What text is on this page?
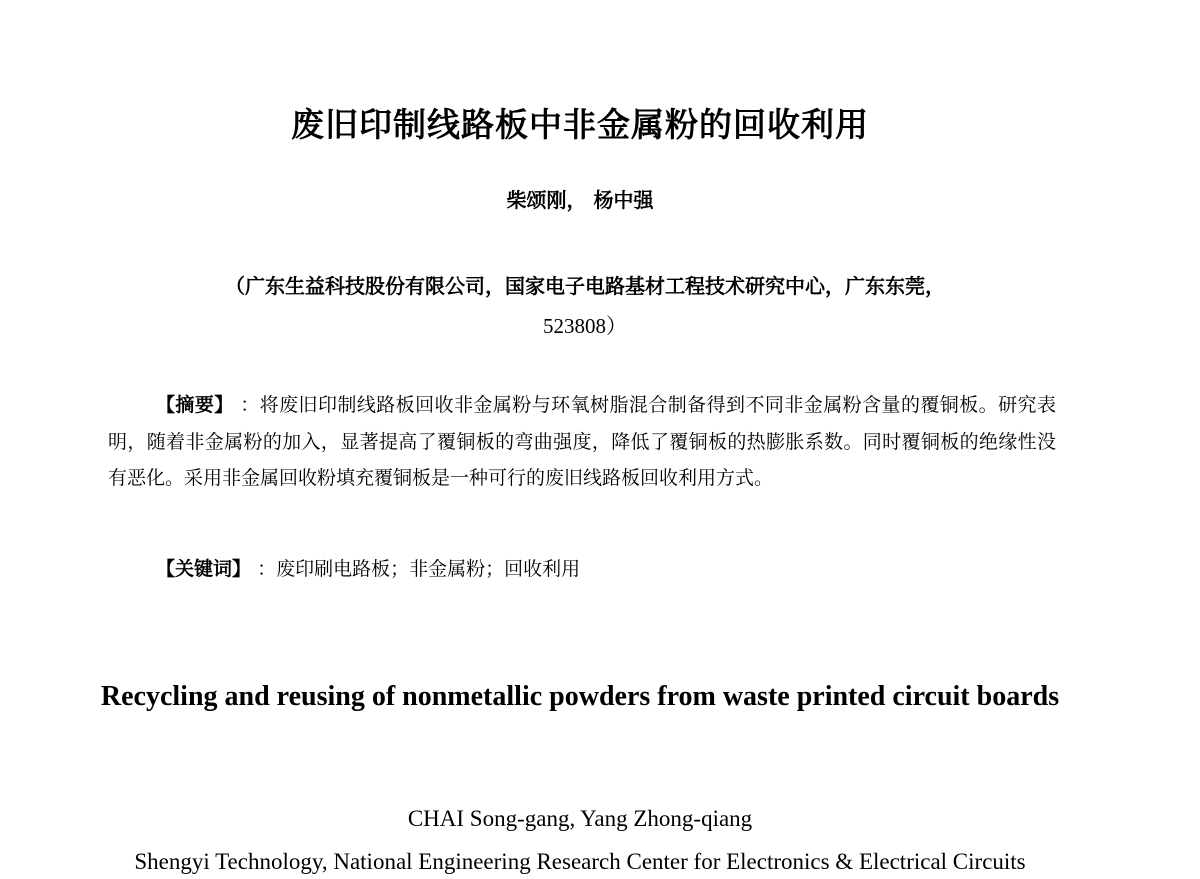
废旧印制线路板中非金属粉的回收利用
柴颂刚， 杨中强
（广东生益科技股份有限公司，国家电子电路基材工程技术研究中心，广东东莞，
523808）
【摘要】 ：将废旧印制线路板回收非金属粉与环氧树脂混合制备得到不同非金属粉含量的覆铜板。研究表明，随着非金属粉的加入，显著提高了覆铜板的弯曲强度，降低了覆铜板的热膨胀系数。同时覆铜板的绝缘性没有恶化。采用非金属回收粉填充覆铜板是一种可行的废旧线路板回收利用方式。
【关键词】 ：废印刷电路板；非金属粉；回收利用
Recycling and reusing of nonmetallic powders from waste printed circuit boards
CHAI Song-gang, Yang Zhong-qiang
Shengyi Technology, National Engineering Research Center for Electronics & Electrical Circuits
